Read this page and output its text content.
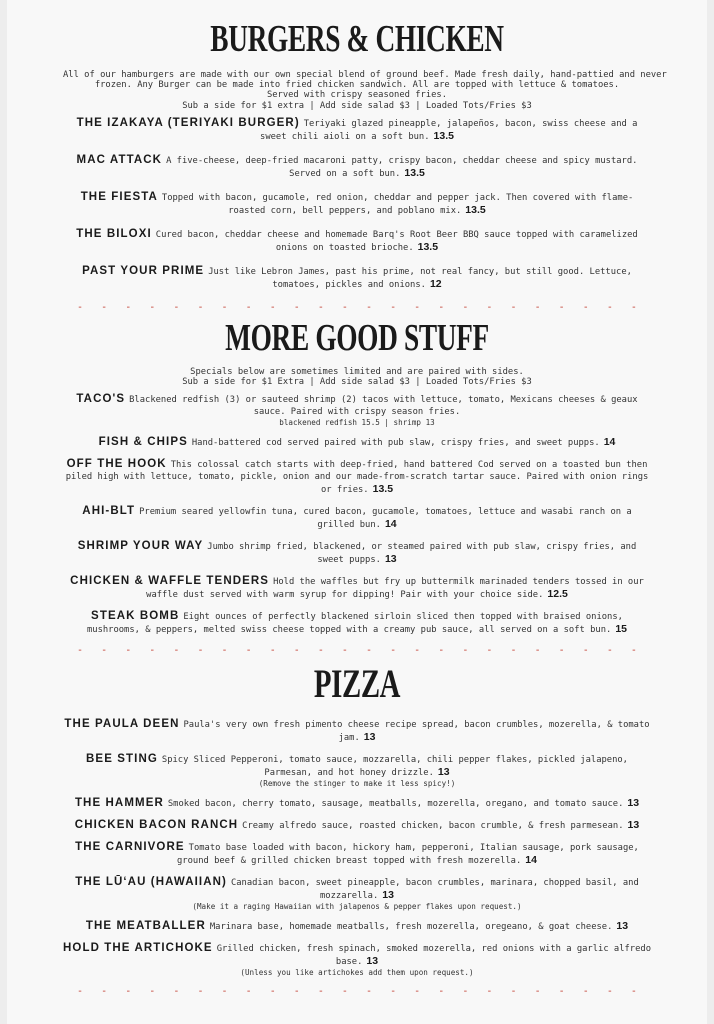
BURGERS & CHICKEN
All of our hamburgers are made with our own special blend of ground beef. Made fresh daily, hand-pattied and never
frozen. Any Burger can be made into fried chicken sandwich. All are topped with lettuce & tomatoes.
Served with crispy seasoned fries.
Sub a side for $1 extra | Add side salad $3 | Loaded Tots/Fries $3
THE IZAKAYA (TERIYAKI BURGER) Teriyaki glazed pineapple, jalapeños, bacon, swiss cheese and a sweet chili aioli on a soft bun. 13.5
MAC ATTACK A five-cheese, deep-fried macaroni patty, crispy bacon, cheddar cheese and spicy mustard. Served on a soft bun. 13.5
THE FIESTA Topped with bacon, gucamole, red onion, cheddar and pepper jack. Then covered with flame-roasted corn, bell peppers, and poblano mix. 13.5
THE BILOXI Cured bacon, cheddar cheese and homemade Barq's Root Beer BBQ sauce topped with caramelized onions on toasted brioche. 13.5
PAST YOUR PRIME Just like Lebron James, past his prime, not real fancy, but still good. Lettuce, tomatoes, pickles and onions. 12
-   -   -   -   -   -   -   -   -   -   -   -   -   -   -   -   -   -   -   -   -   -   -   -
MORE GOOD STUFF
Specials below are sometimes limited and are paired with sides.
Sub a side for $1 Extra | Add side salad $3 | Loaded Tots/Fries $3
TACO'S Blackened redfish (3) or sauteed shrimp (2) tacos with lettuce, tomato, Mexicans cheeses & geaux sauce. Paired with crispy season fries.
blackened redfish 15.5 | shrimp 13
FISH & CHIPS Hand-battered cod served paired with pub slaw, crispy fries, and sweet pupps. 14
OFF THE HOOK This colossal catch starts with deep-fried, hand battered Cod served on a toasted bun then piled high with lettuce, tomato, pickle, onion and our made-from-scratch tartar sauce. Paired with onion rings or fries. 13.5
AHI-BLT Premium seared yellowfin tuna, cured bacon, gucamole, tomatoes, lettuce and wasabi ranch on a grilled bun. 14
SHRIMP YOUR WAY Jumbo shrimp fried, blackened, or steamed paired with pub slaw, crispy fries, and sweet pupps. 13
CHICKEN & WAFFLE TENDERS Hold the waffles but fry up buttermilk marinaded tenders tossed in our waffle dust served with warm syrup for dipping! Pair with your choice side. 12.5
STEAK BOMB Eight ounces of perfectly blackened sirloin sliced then topped with braised onions, mushrooms, & peppers, melted swiss cheese topped with a creamy pub sauce, all served on a soft bun. 15
-   -   -   -   -   -   -   -   -   -   -   -   -   -   -   -   -   -   -   -   -   -   -   -
PIZZA
THE PAULA DEEN Paula's very own fresh pimento cheese recipe spread, bacon crumbles, mozerella, & tomato jam. 13
BEE STING Spicy Sliced Pepperoni, tomato sauce, mozzarella, chili pepper flakes, pickled jalapeno, Parmesan, and hot honey drizzle. 13
(Remove the stinger to make it less spicy!)
THE HAMMER Smoked bacon, cherry tomato, sausage, meatballs, mozerella, oregano, and tomato sauce. 13
CHICKEN BACON RANCH Creamy alfredo sauce, roasted chicken, bacon crumble, & fresh parmesean. 13
THE CARNIVORE Tomato base loaded with bacon, hickory ham, pepperoni, Italian sausage, pork sausage, ground beef & grilled chicken breast topped with fresh mozerella. 14
THE LŪʻAU (HAWAIIAN) Canadian bacon, sweet pineapple, bacon crumbles, marinara, chopped basil, and mozzarella. 13
(Make it a raging Hawaiian with jalapenos & pepper flakes upon request.)
THE MEATBALLER Marinara base, homemade meatballs, fresh mozerella, oregeano, & goat cheese. 13
HOLD THE ARTICHOKE Grilled chicken, fresh spinach, smoked mozerella, red onions with a garlic alfredo base. 13
(Unless you like artichokes add them upon request.)
-   -   -   -   -   -   -   -   -   -   -   -   -   -   -   -   -   -   -   -   -   -   -   -
